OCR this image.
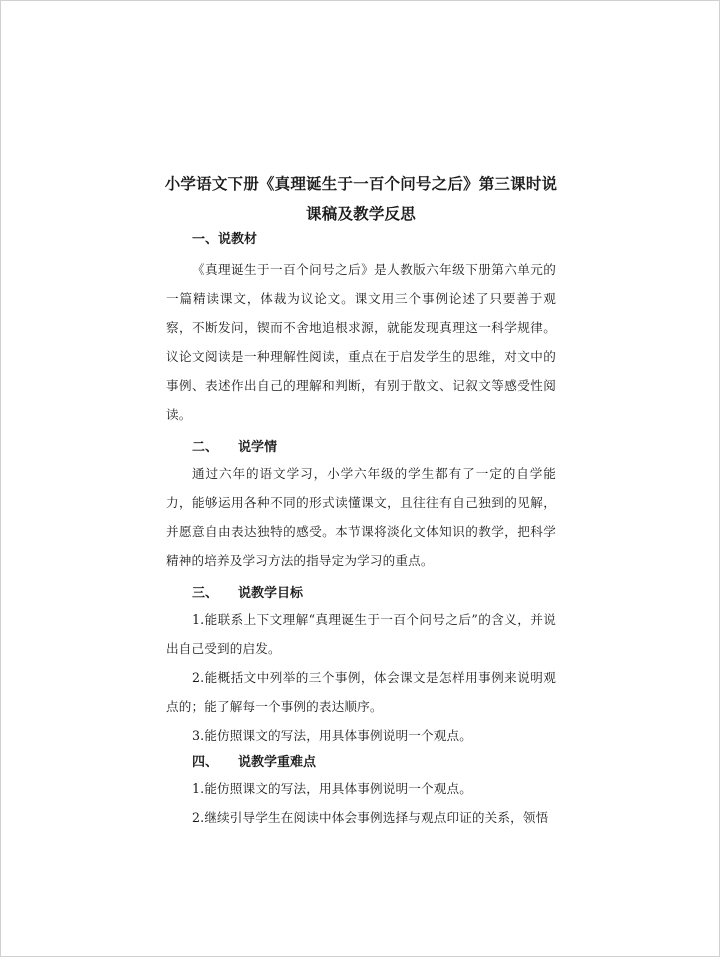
小学语文下册《真理诞生于一百个问号之后》第三课时说
课稿及教学反思
一、说教材
《真理诞生于一百个问号之后》是人教版六年级下册第六单元的一篇精读课文，体裁为议论文。课文用三个事例论述了只要善于观察，不断发问，锲而不舍地追根求源，就能发现真理这一科学规律。议论文阅读是一种理解性阅读，重点在于启发学生的思维，对文中的事例、表述作出自己的理解和判断，有别于散文、记叙文等感受性阅读。
二、 说学情
通过六年的语文学习，小学六年级的学生都有了一定的自学能力，能够运用各种不同的形式读懂课文，且往往有自己独到的见解，并愿意自由表达独特的感受。本节课将淡化文体知识的教学，把科学精神的培养及学习方法的指导定为学习的重点。
三、 说教学目标
1.能联系上下文理解“真理诞生于一百个问号之后”的含义，并说出自己受到的启发。
2.能概括文中列举的三个事例，体会课文是怎样用事例来说明观点的；能了解每一个事例的表达顺序。
3.能仿照课文的写法，用具体事例说明一个观点。
四、 说教学重难点
1.能仿照课文的写法，用具体事例说明一个观点。
2.继续引导学生在阅读中体会事例选择与观点印证的关系，领悟
